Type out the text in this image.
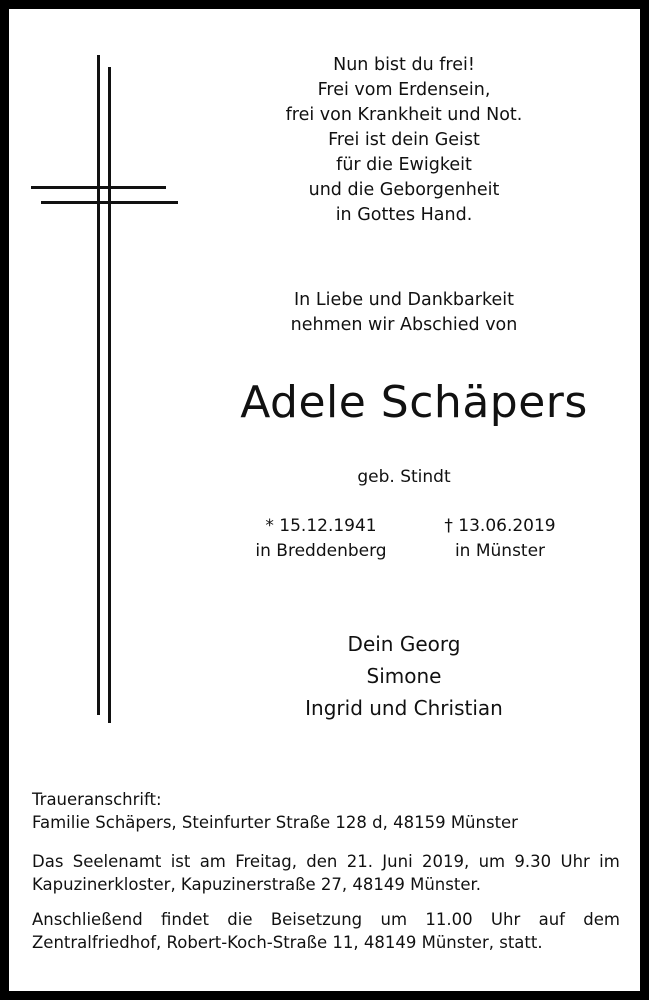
Nun bist du frei!
Frei vom Erdensein,
frei von Krankheit und Not.
Frei ist dein Geist
für die Ewigkeit
und die Geborgenheit
in Gottes Hand.
In Liebe und Dankbarkeit
nehmen wir Abschied von
Adele Schäpers
geb. Stindt
* 15.12.1941
in Breddenberg
† 13.06.2019
in Münster
Dein Georg
Simone
Ingrid und Christian
Traueranschrift:
Familie Schäpers, Steinfurter Straße 128 d, 48159 Münster
Das Seelenamt ist am Freitag, den 21. Juni 2019, um 9.30 Uhr im
Kapuzinerkloster, Kapuzinerstraße 27, 48149 Münster.
Anschließend findet die Beisetzung um 11.00 Uhr auf dem
Zentralfriedhof, Robert-Koch-Straße 11, 48149 Münster, statt.
